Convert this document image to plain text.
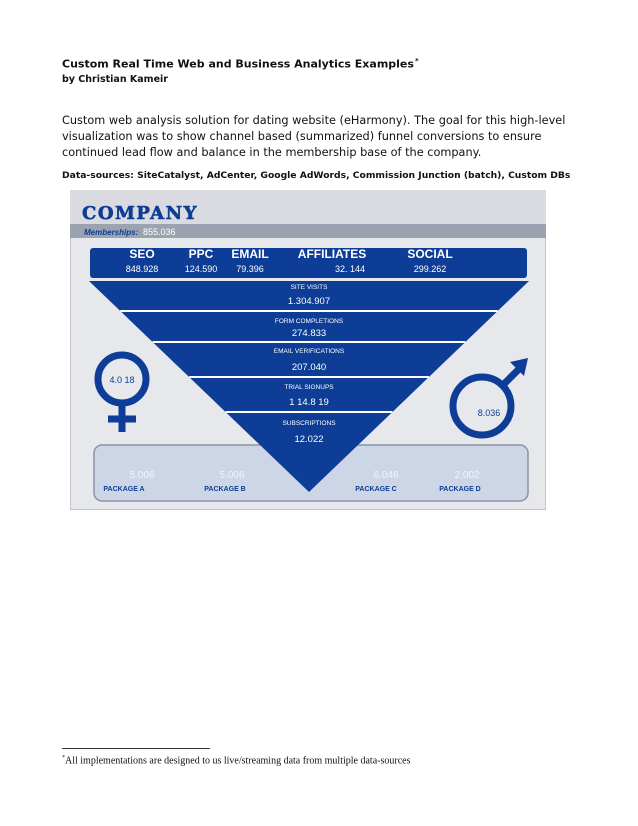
Custom Real Time Web and Business Analytics Examples*
by Christian Kameir
Custom web analysis solution for dating website (eHarmony). The goal for this high-level visualization was to show channel based (summarized) funnel conversions to ensure continued lead flow and balance in the membership base of the company.
Data-sources: SiteCatalyst, AdCenter, Google AdWords, Commission Junction (batch), Custom DBs
COMPANY
Memberships: 855.036
SEO
848.928
PPC
124.590
EMAIL
79.396
AFFILIATES
32. 144
SOCIAL
299.262
SITE VISITS
1.304.907
FORM COMPLETIONS
274.833
EMAIL VERIFICATIONS
207.040
TRIAL SIGNUPS
1 14.8 19
SUBSCRIPTIONS
12.022
4.0 18
8.036
5.006
PACKAGE A
5.006
PACKAGE B
6.046
PACKAGE C
2.002
PACKAGE D
*All implementations are designed to us live/streaming data from multiple data-sources
